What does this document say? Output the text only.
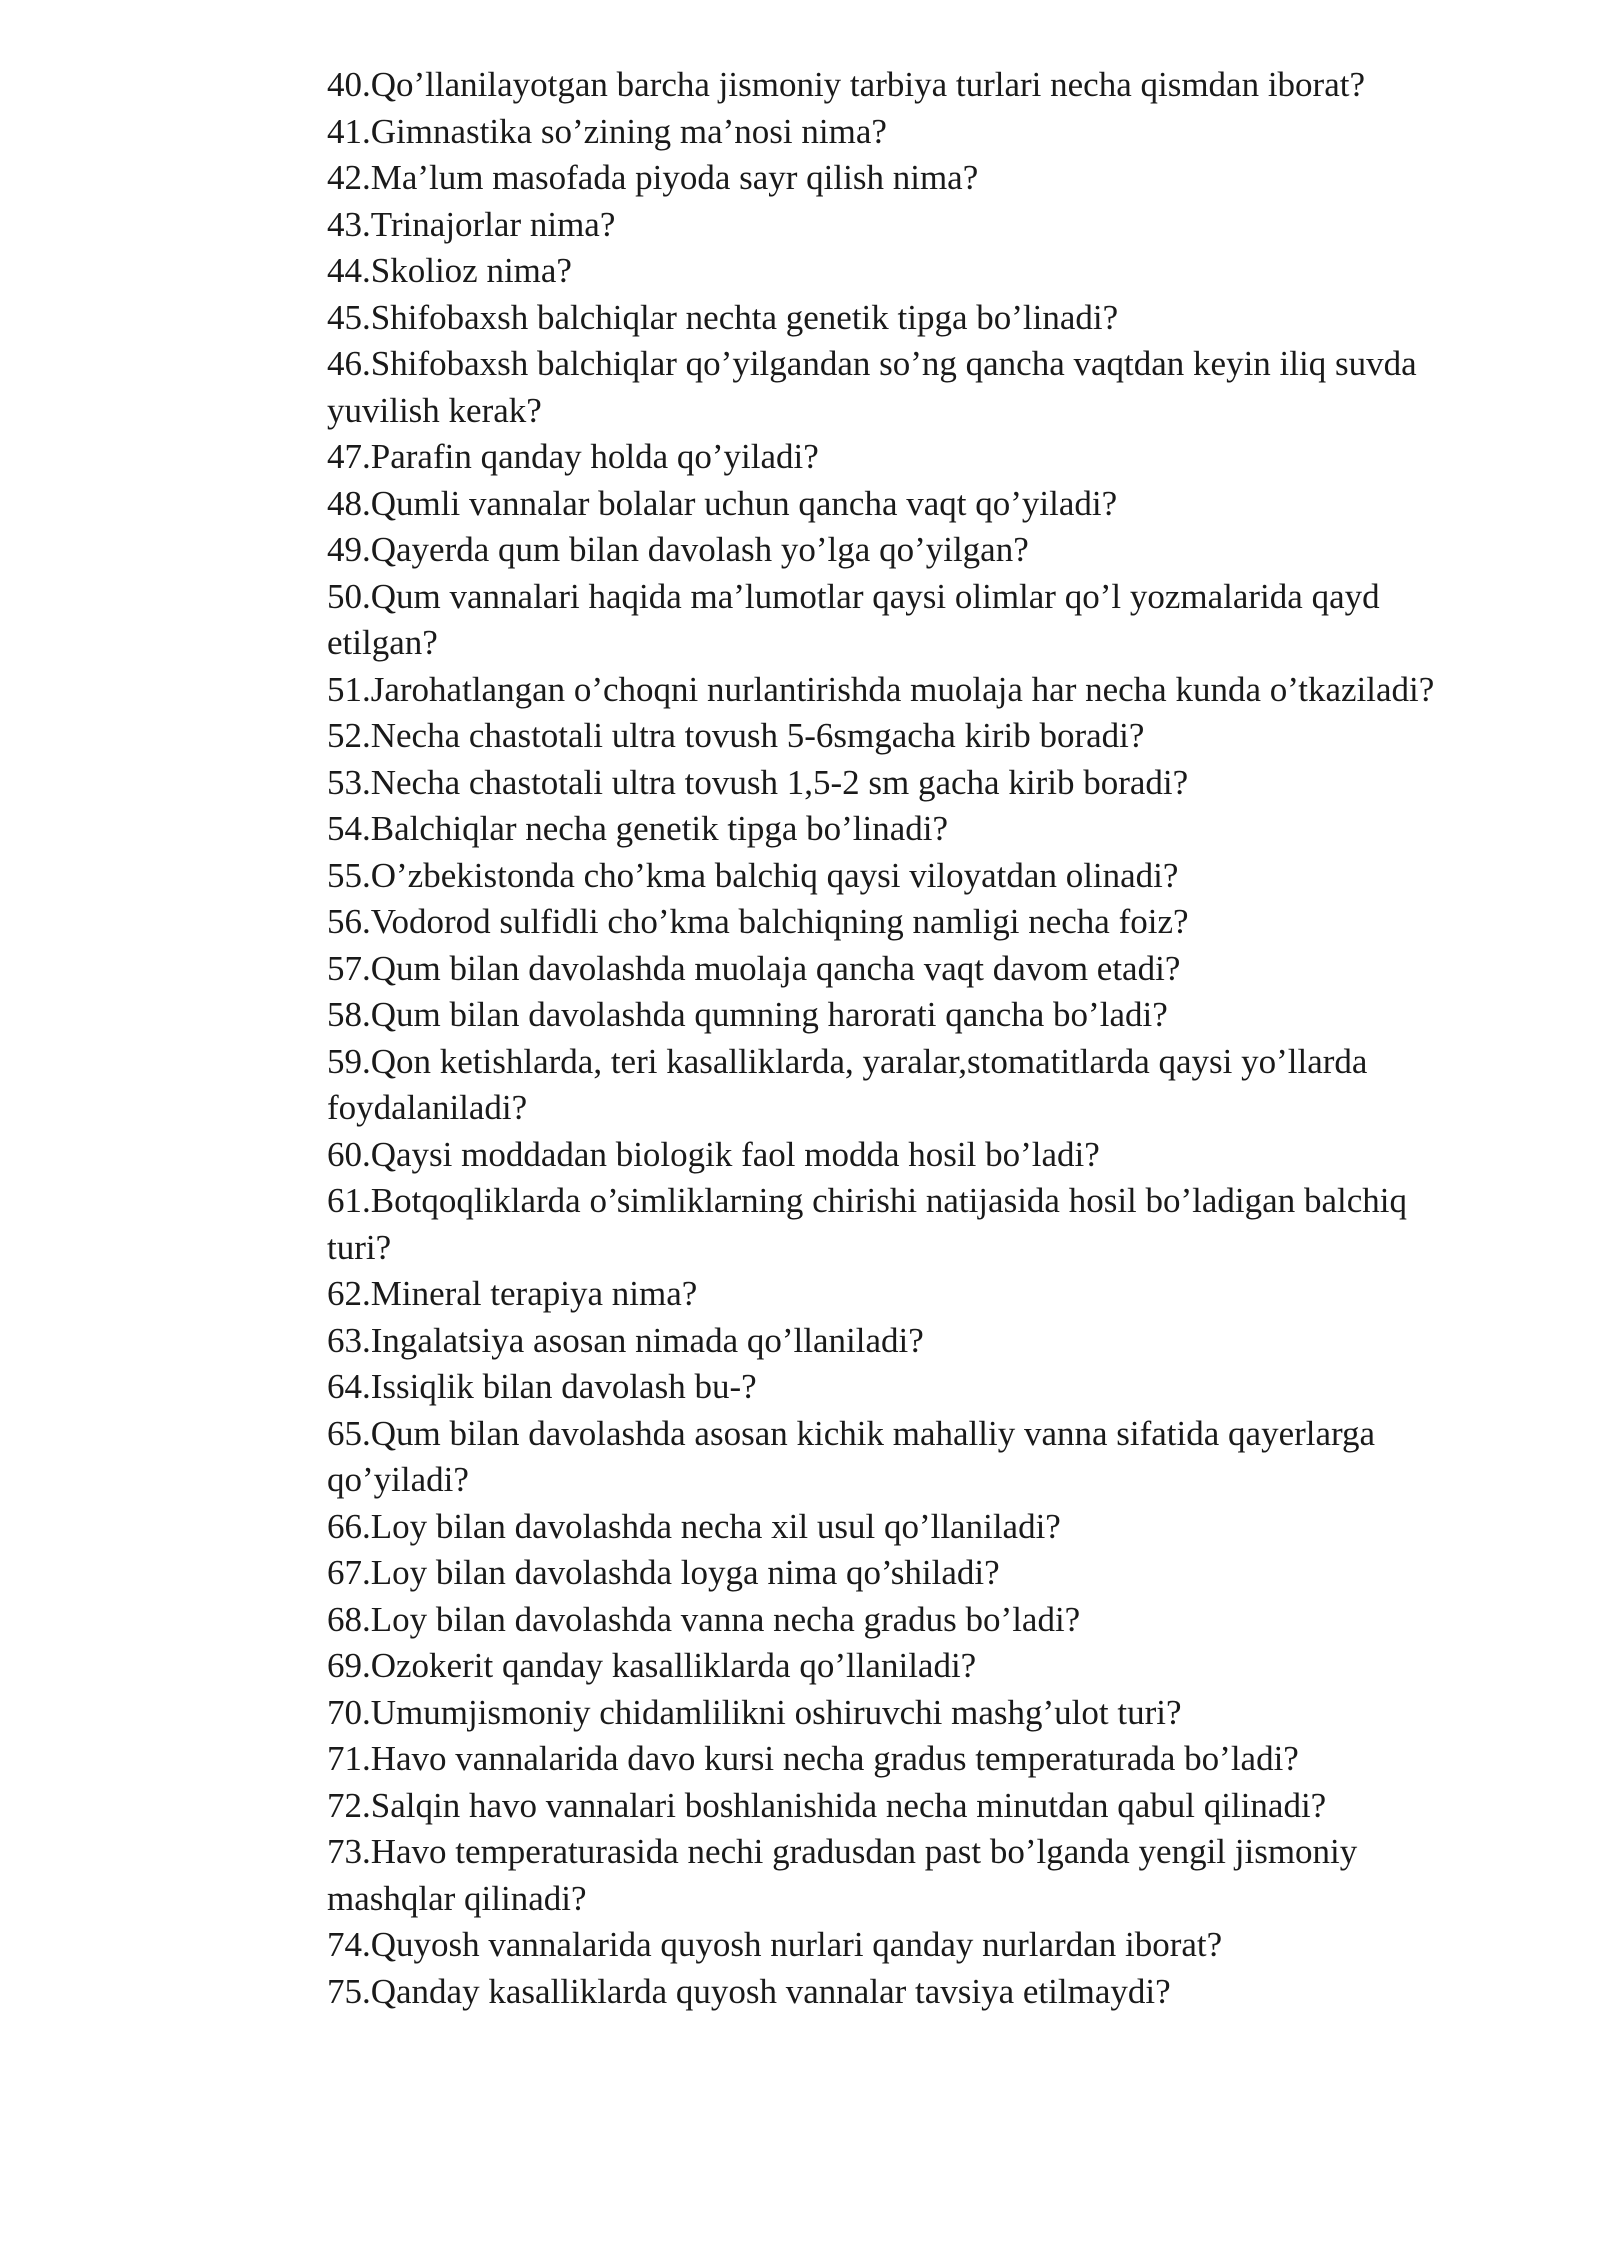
40.Qo’llanilayotgan barcha jismoniy tarbiya turlari necha qismdan iborat?
41.Gimnastika so’zining ma’nosi nima?
42.Ma’lum masofada piyoda sayr qilish nima?
43.Trinajorlar nima?
44.Skolioz nima?
45.Shifobaxsh balchiqlar nechta genetik tipga bo’linadi?
46.Shifobaxsh balchiqlar qo’yilgandan so’ng qancha vaqtdan keyin iliq suvda yuvilish kerak?
47.Parafin qanday holda qo’yiladi?
48.Qumli vannalar bolalar uchun qancha vaqt qo’yiladi?
49.Qayerda qum bilan davolash yo’lga qo’yilgan?
50.Qum vannalari haqida ma’lumotlar qaysi olimlar qo’l yozmalarida qayd etilgan?
51.Jarohatlangan o’choqni nurlantirishda muolaja har necha kunda o’tkaziladi?
52.Necha chastotali ultra tovush 5-6smgacha kirib boradi?
53.Necha chastotali ultra tovush 1,5-2 sm gacha kirib boradi?
54.Balchiqlar necha genetik tipga bo’linadi?
55.O’zbekistonda cho’kma balchiq qaysi viloyatdan olinadi?
56.Vodorod sulfidli cho’kma balchiqning namligi necha foiz?
57.Qum bilan davolashda muolaja qancha vaqt davom etadi?
58.Qum bilan davolashda qumning harorati qancha bo’ladi?
59.Qon ketishlarda, teri kasalliklarda, yaralar,stomatitlarda qaysi yo’llarda foydalaniladi?
60.Qaysi moddadan biologik faol modda hosil bo’ladi?
61.Botqoqliklarda o’simliklarning chirishi natijasida hosil bo’ladigan balchiq turi?
62.Mineral terapiya nima?
63.Ingalatsiya asosan nimada qo’llaniladi?
64.Issiqlik bilan davolash bu-?
65.Qum bilan davolashda asosan kichik mahalliy vanna sifatida qayerlarga qo’yiladi?
66.Loy bilan davolashda necha xil usul qo’llaniladi?
67.Loy bilan davolashda loyga nima qo’shiladi?
68.Loy bilan davolashda vanna necha gradus bo’ladi?
69.Ozokerit qanday kasalliklarda qo’llaniladi?
70.Umumjismoniy chidamlilikni oshiruvchi mashg’ulot turi?
71.Havo vannalarida davo kursi necha gradus temperaturada bo’ladi?
72.Salqin havo vannalari boshlanishida necha minutdan qabul qilinadi?
73.Havo temperaturasida nechi gradusdan past bo’lganda yengil jismoniy mashqlar qilinadi?
74.Quyosh vannalarida quyosh nurlari qanday nurlardan iborat?
75.Qanday kasalliklarda quyosh vannalar tavsiya etilmaydi?
